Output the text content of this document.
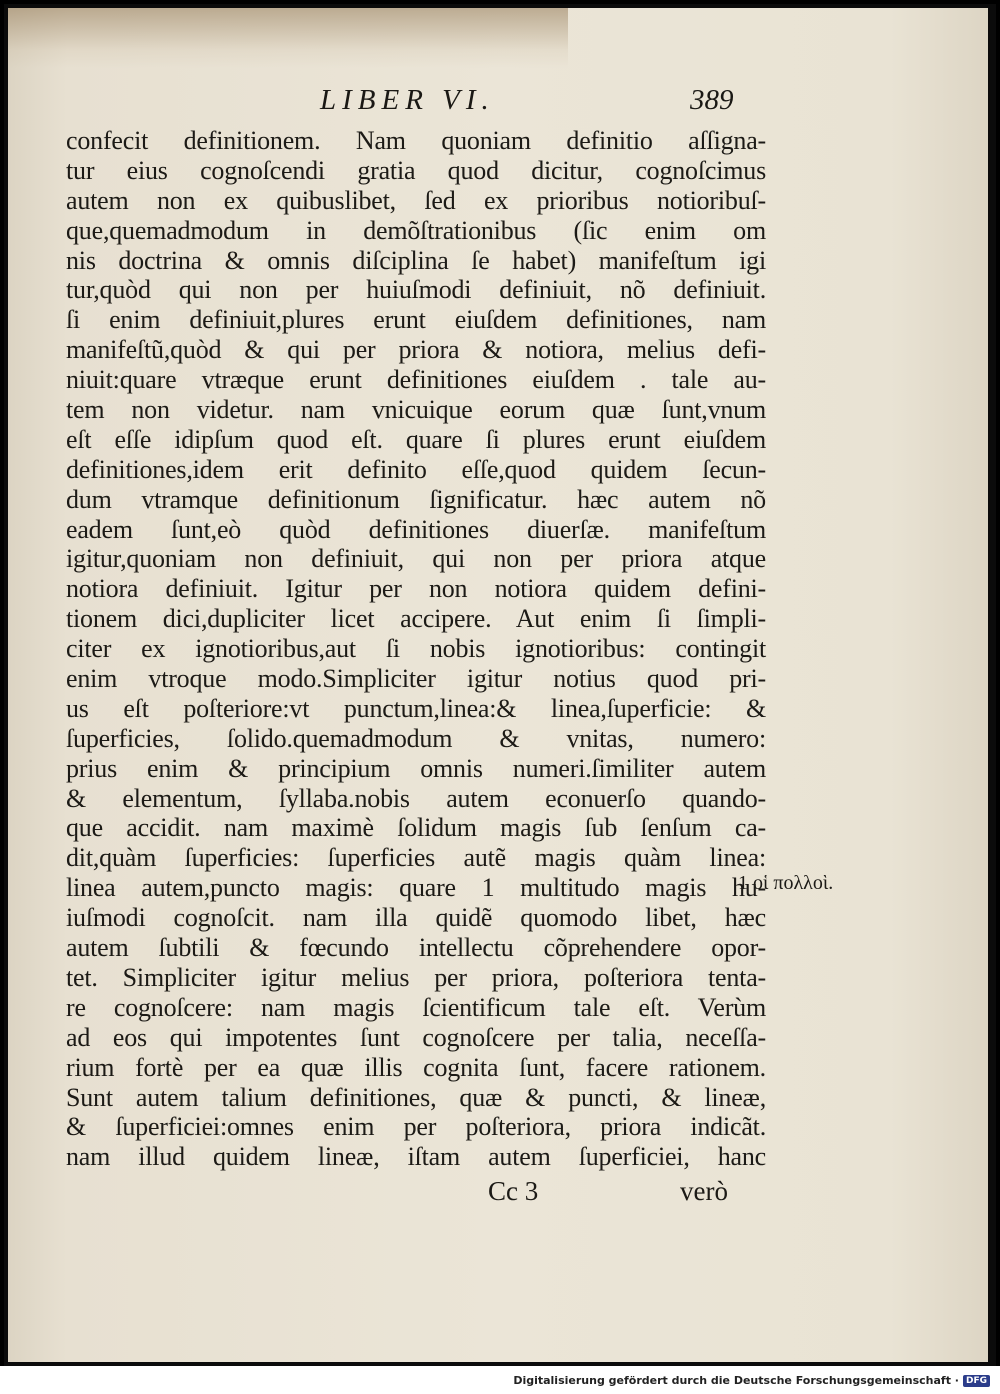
LIBER VI.	389
confecit definitionem. Nam quoniam definitio aſſigna-
tur eius cognoſcendi gratia quod dicitur, cognoſcimus
autem non ex quibuslibet, ſed ex prioribus notioribuſ-
que,quemadmodum in demõſtrationibus (ſic enim om
nis doctrina & omnis diſciplina ſe habet) manifeſtum igi
tur,quòd qui non per huiuſmodi definiuit, nõ definiuit.
ſi enim definiuit,plures erunt eiuſdem definitiones, nam
manifeſtũ,quòd & qui per priora & notiora, melius defi-
niuit:quare vtræque erunt definitiones eiuſdem . tale au-
tem non videtur. nam vnicuique eorum quæ ſunt,vnum
eſt eſſe idipſum quod eſt. quare ſi plures erunt eiuſdem
definitiones,idem erit definito eſſe,quod quidem ſecun-
dum vtramque definitionum ſignificatur. hæc autem nõ
eadem ſunt,eò quòd definitiones diuerſæ. manifeſtum
igitur,quoniam non definiuit, qui non per priora atque
notiora definiuit. Igitur per non notiora quidem defini-
tionem dici,dupliciter licet accipere. Aut enim ſi ſimpli-
citer ex ignotioribus,aut ſi nobis ignotioribus: contingit
enim vtroque modo.Simpliciter igitur notius quod pri-
us eſt poſteriore:vt punctum,linea:& linea,ſuperficie: &
ſuperficies, ſolido.quemadmodum & vnitas, numero:
prius enim & principium omnis numeri.ſimiliter autem
& elementum, ſyllaba.nobis autem econuerſo quando-
que accidit. nam maximè ſolidum magis ſub ſenſum ca-
dit,quàm ſuperficies: ſuperficies autẽ magis quàm linea:
linea autem,puncto magis: quare 1 multitudo magis hu-
iuſmodi cognoſcit. nam illa quidẽ quomodo libet, hæc
autem ſubtili & fœcundo intellectu cõprehendere opor-
tet. Simpliciter igitur melius per priora, poſteriora tenta-
re cognoſcere: nam magis ſcientificum tale eſt. Verùm
ad eos qui impotentes ſunt cognoſcere per talia, neceſſa-
rium fortè per ea quæ illis cognita ſunt, facere rationem.
Sunt autem talium definitiones, quæ & puncti, & lineæ,
& ſuperficiei:omnes enim per poſteriora, priora indicãt.
nam illud quidem lineæ, iſtam autem ſuperficiei, hanc
1 οἱ πολλοὶ.
Cc 3	verò
Digitalisierung gefördert durch die Deutsche Forschungsgemeinschaft · DFG
